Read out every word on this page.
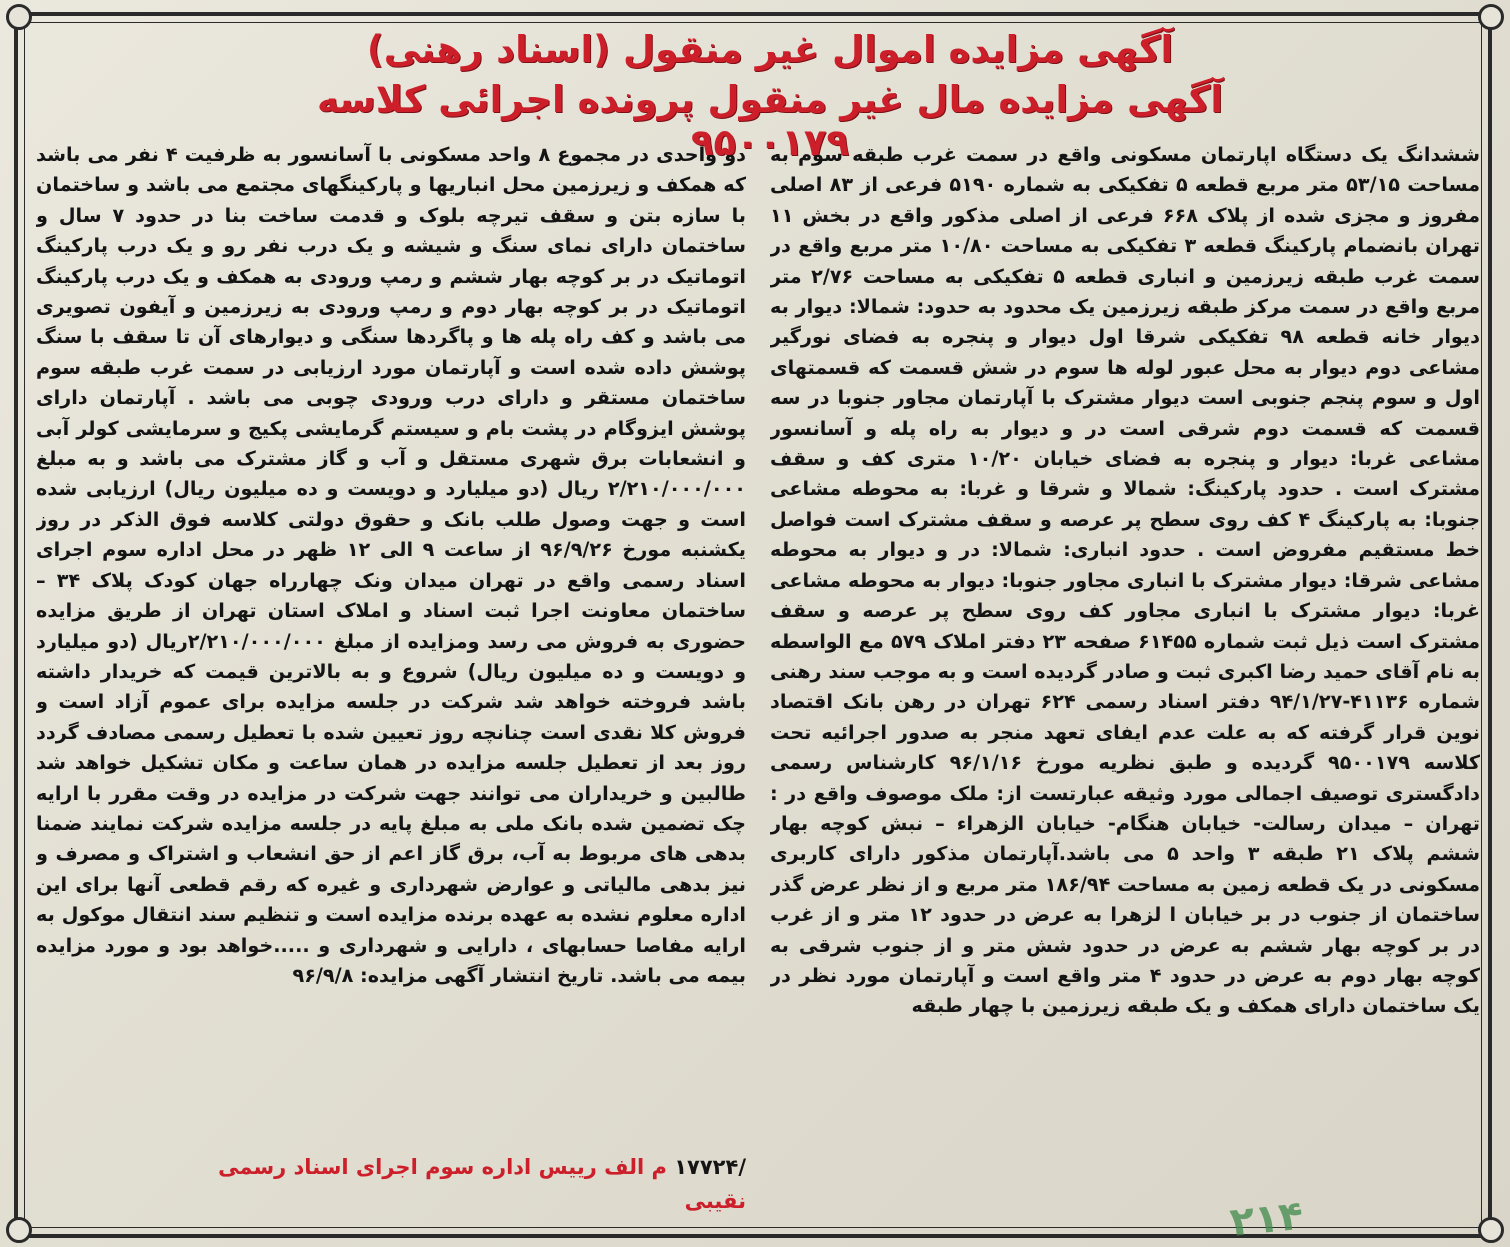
آگهی مزایده اموال غیر منقول (اسناد رهنی)
آگهی مزایده مال غیر منقول پرونده اجرائی کلاسه ۹۵۰۰۱۷۹
ششدانگ یک دستگاه اپارتمان مسکونی واقع در سمت غرب طبقه سوم به مساحت ۵۳/۱۵ متر مربع قطعه ۵ تفکیکی به شماره ۵۱۹۰ فرعی از ۸۳ اصلی مفروز و مجزی شده از پلاک ۶۶۸ فرعی از اصلی مذکور واقع در بخش ۱۱ تهران بانضمام پارکینگ قطعه ۳ تفکیکی به مساحت ۱۰/۸۰ متر مربع واقع در سمت غرب طبقه زیرزمین و انباری قطعه ۵ تفکیکی به مساحت ۲/۷۶ متر مربع واقع در سمت مرکز طبقه زیرزمین یک محدود به حدود: شمالا: دیوار به دیوار خانه قطعه ۹۸ تفکیکی شرقا اول دیوار و پنجره به فضای نورگیر مشاعی دوم دیوار به محل عبور لوله ها سوم در شش قسمت که قسمتهای اول و سوم پنجم جنوبی است دیوار مشترک با آپارتمان مجاور جنوبا در سه قسمت که قسمت دوم شرقی است در و دیوار به راه پله و آسانسور مشاعی غربا: دیوار و پنجره به فضای خیابان ۱۰/۲۰ متری کف و سقف مشترک است . حدود پارکینگ: شمالا و شرقا و غربا: به محوطه مشاعی جنوبا: به پارکینگ ۴ کف روی سطح پر عرصه و سقف مشترک است فواصل خط مستقیم مفروض است . حدود انباری: شمالا: در و دیوار به محوطه مشاعی شرقا: دیوار مشترک با انباری مجاور جنوبا: دیوار به محوطه مشاعی غربا: دیوار مشترک با انباری مجاور کف روی سطح پر عرصه و سقف مشترک است ذیل ثبت شماره ۶۱۴۵۵ صفحه ۲۳ دفتر املاک ۵۷۹ مع الواسطه به نام آقای حمید رضا اکبری ثبت و صادر گردیده است و به موجب سند رهنی شماره ۴۱۱۳۶-۹۴/۱/۲۷ دفتر اسناد رسمی ۶۲۴ تهران در رهن بانک اقتصاد نوین قرار گرفته که به علت عدم ایفای تعهد منجر به صدور اجرائیه تحت کلاسه ۹۵۰۰۱۷۹ گردیده و طبق نظریه مورخ ۹۶/۱/۱۶ کارشناس رسمی دادگستری توصیف اجمالی مورد وثیقه عبارتست از: ملک موصوف واقع در : تهران – میدان رسالت- خیابان هنگام- خیابان الزهراء – نبش کوچه بهار ششم پلاک ۲۱ طبقه ۳ واحد ۵ می باشد.آپارتمان مذکور دارای کاربری مسکونی در یک قطعه زمین به مساحت ۱۸۶/۹۴ متر مربع و از نظر عرض گذر ساختمان از جنوب در بر خیابان ا لزهرا به عرض در حدود ۱۲ متر و از غرب در بر کوچه بهار ششم به عرض در حدود شش متر و از جنوب شرقی به کوچه بهار دوم به عرض در حدود ۴ متر واقع است و آپارتمان مورد نظر در یک ساختمان دارای همکف و یک طبقه زیرزمین با چهار طبقه
دو واحدی در مجموع ۸ واحد مسکونی با آسانسور به ظرفیت ۴ نفر می باشد که همکف و زیرزمین محل انباریها و پارکینگهای مجتمع می باشد و ساختمان با سازه بتن و سقف تیرچه بلوک و قدمت ساخت بنا در حدود ۷ سال و ساختمان دارای نمای سنگ و شیشه و یک درب نفر رو و یک درب پارکینگ اتوماتیک در بر کوچه بهار ششم و رمپ ورودی به همکف و یک درب پارکینگ اتوماتیک در بر کوچه بهار دوم و رمپ ورودی به زیرزمین و آیفون تصویری می باشد و کف راه پله ها و پاگردها سنگی و دیوارهای آن تا سقف با سنگ پوشش داده شده است و آپارتمان مورد ارزیابی در سمت غرب طبقه سوم ساختمان مستقر و دارای درب ورودی چوبی می باشد . آپارتمان دارای پوشش ایزوگام در پشت بام و سیستم گرمایشی پکیج و سرمایشی کولر آبی و انشعابات برق شهری مستقل و آب و گاز مشترک می باشد و به مبلغ ۲/۲۱۰/۰۰۰/۰۰۰ ریال (دو میلیارد و دویست و ده میلیون ریال) ارزیابی شده است و جهت وصول طلب بانک و حقوق دولتی کلاسه فوق الذکر در روز یکشنبه مورخ ۹۶/۹/۲۶ از ساعت ۹ الی ۱۲ ظهر در محل اداره سوم اجرای اسناد رسمی واقع در تهران میدان ونک چهارراه جهان کودک پلاک ۳۴ – ساختمان معاونت اجرا ثبت اسناد و املاک استان تهران از طریق مزایده حضوری به فروش می رسد ومزایده از مبلغ ۲/۲۱۰/۰۰۰/۰۰۰ریال (دو میلیارد و دویست و ده میلیون ریال) شروع و به بالاترین قیمت که خریدار داشته باشد فروخته خواهد شد شرکت در جلسه مزایده برای عموم آزاد است و فروش کلا نقدی است چنانچه روز تعیین شده با تعطیل رسمی مصادف گردد روز بعد از تعطیل جلسه مزایده در همان ساعت و مکان تشکیل خواهد شد طالبین و خریداران می توانند جهت شرکت در مزایده در وقت مقرر با ارایه چک تضمین شده بانک ملی به مبلغ پایه در جلسه مزایده شرکت نمایند ضمنا بدهی های مربوط به آب، برق گاز اعم از حق انشعاب و اشتراک و مصرف و نیز بدهی مالیاتی و عوارض شهرداری و غیره که رقم قطعی آنها برای این اداره معلوم نشده به عهده برنده مزایده است و تنظیم سند انتقال موکول به ارایه مفاصا حسابهای ، دارایی و شهرداری و .....خواهد بود و مورد مزایده بیمه می باشد. تاریخ انتشار آگهی مزایده: ۹۶/۹/۸
/۱۷۷۲۴ م الف رییس اداره سوم اجرای اسناد رسمی
نقیبی	۲۱۴
